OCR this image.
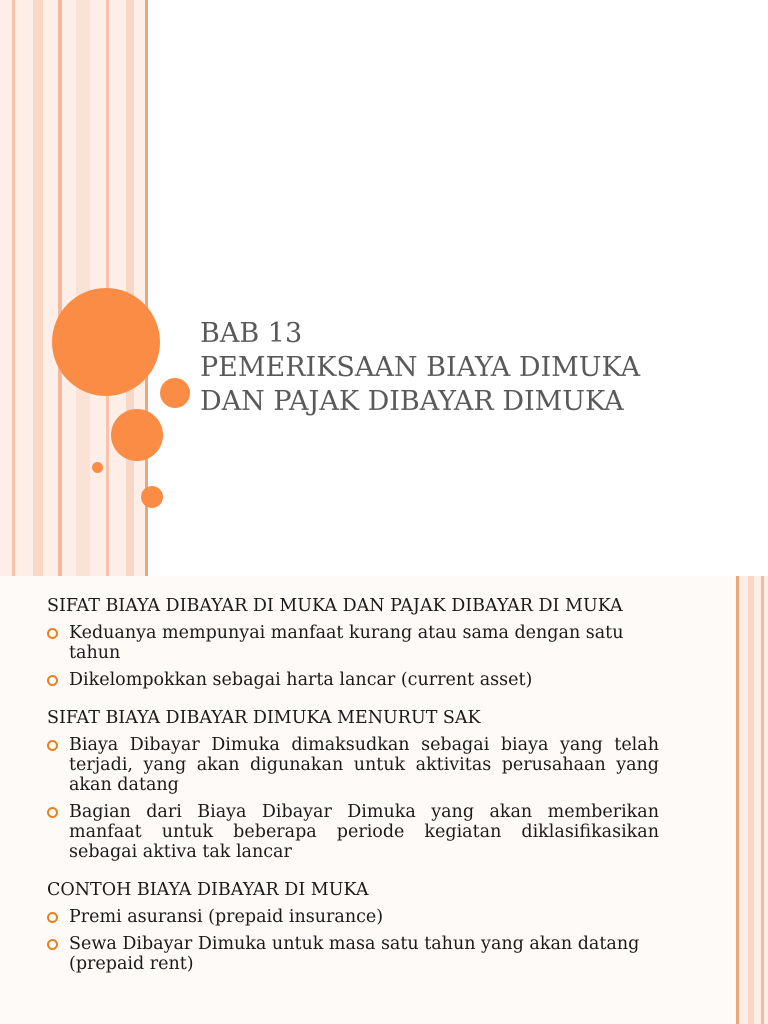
BAB 13
PEMERIKSAAN BIAYA DIMUKA
DAN PAJAK DIBAYAR DIMUKA
SIFAT BIAYA DIBAYAR DI MUKA DAN PAJAK DIBAYAR DI MUKA
Keduanya mempunyai manfaat kurang atau sama dengan satu tahun
Dikelompokkan sebagai harta lancar (current asset)
SIFAT BIAYA DIBAYAR DIMUKA MENURUT SAK
Biaya Dibayar Dimuka dimaksudkan sebagai biaya yang telah terjadi, yang akan digunakan untuk aktivitas perusahaan yang akan datang
Bagian dari Biaya Dibayar Dimuka yang akan memberikan manfaat untuk beberapa periode kegiatan diklasifikasikan sebagai aktiva tak lancar
CONTOH BIAYA DIBAYAR DI MUKA
Premi asuransi (prepaid insurance)
Sewa Dibayar Dimuka untuk masa satu tahun yang akan datang (prepaid rent)
